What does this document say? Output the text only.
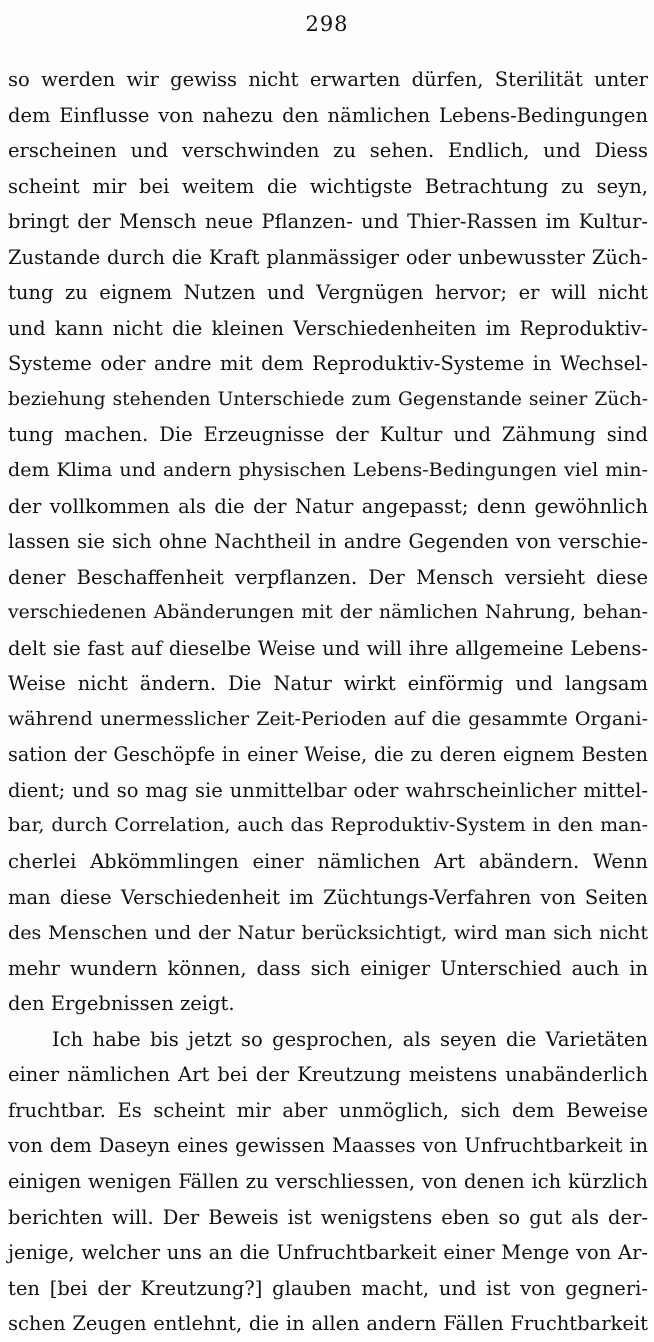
298
so werden wir gewiss nicht erwarten dürfen, Sterilität unter
dem Einflusse von nahezu den nämlichen Lebens-Bedingungen
erscheinen und verschwinden zu sehen. Endlich, und Diess
scheint mir bei weitem die wichtigste Betrachtung zu seyn,
bringt der Mensch neue Pflanzen- und Thier-Rassen im Kultur-
Zustande durch die Kraft planmässiger oder unbewusster Züch-
tung zu eignem Nutzen und Vergnügen hervor; er will nicht
und kann nicht die kleinen Verschiedenheiten im Reproduktiv-
Systeme oder andre mit dem Reproduktiv-Systeme in Wechsel-
beziehung stehenden Unterschiede zum Gegenstande seiner Züch-
tung machen. Die Erzeugnisse der Kultur und Zähmung sind
dem Klima und andern physischen Lebens-Bedingungen viel min-
der vollkommen als die der Natur angepasst; denn gewöhnlich
lassen sie sich ohne Nachtheil in andre Gegenden von verschie-
dener Beschaffenheit verpflanzen. Der Mensch versieht diese
verschiedenen Abänderungen mit der nämlichen Nahrung, behan-
delt sie fast auf dieselbe Weise und will ihre allgemeine Lebens-
Weise nicht ändern. Die Natur wirkt einförmig und langsam
während unermesslicher Zeit-Perioden auf die gesammte Organi-
sation der Geschöpfe in einer Weise, die zu deren eignem Besten
dient; und so mag sie unmittelbar oder wahrscheinlicher mittel-
bar, durch Correlation, auch das Reproduktiv-System in den man-
cherlei Abkömmlingen einer nämlichen Art abändern. Wenn
man diese Verschiedenheit im Züchtungs-Verfahren von Seiten
des Menschen und der Natur berücksichtigt, wird man sich nicht
mehr wundern können, dass sich einiger Unterschied auch in
den Ergebnissen zeigt.
Ich habe bis jetzt so gesprochen, als seyen die Varietäten
einer nämlichen Art bei der Kreutzung meistens unabänderlich
fruchtbar. Es scheint mir aber unmöglich, sich dem Beweise
von dem Daseyn eines gewissen Maasses von Unfruchtbarkeit in
einigen wenigen Fällen zu verschliessen, von denen ich kürzlich
berichten will. Der Beweis ist wenigstens eben so gut als der-
jenige, welcher uns an die Unfruchtbarkeit einer Menge von Ar-
ten [bei der Kreutzung?] glauben macht, und ist von gegneri-
schen Zeugen entlehnt, die in allen andern Fällen Fruchtbarkeit
